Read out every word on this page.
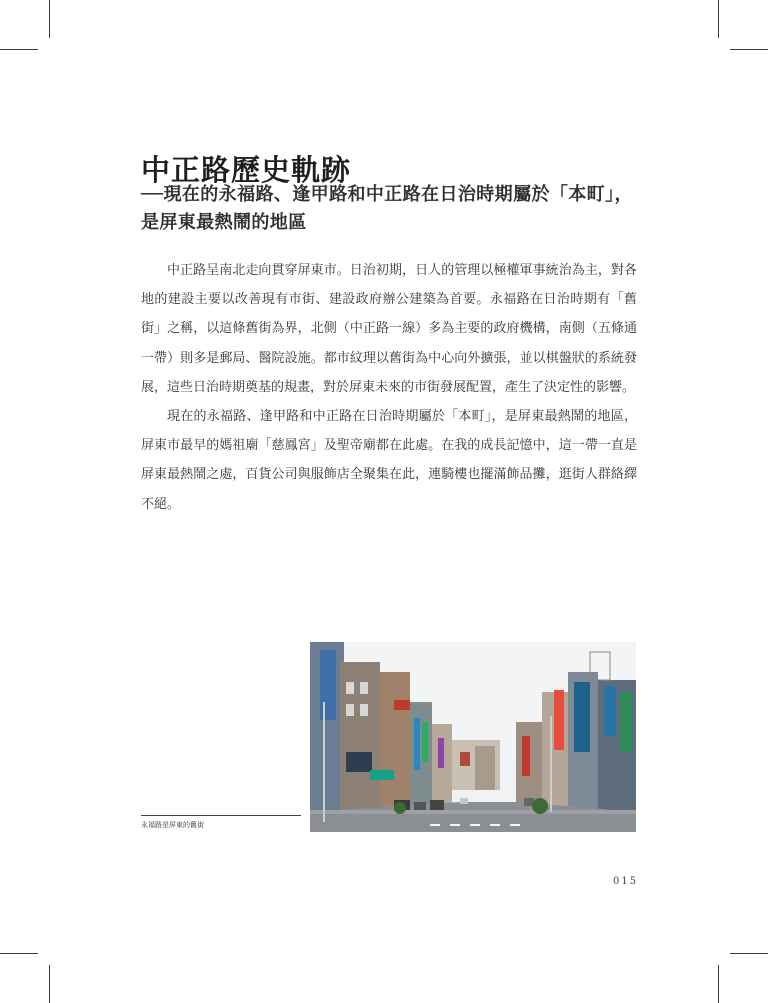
中正路歷史軌跡
──現在的永福路、逢甲路和中正路在日治時期屬於「本町」，
是屏東最熱鬧的地區

中正路呈南北走向貫穿屏東市。日治初期，日人的管理以極權軍事統治為主，對各地的建設主要以改善現有市街、建設政府辦公建築為首要。永福路在日治時期有「舊街」之稱，以這條舊街為界，北側（中正路一線）多為主要的政府機構，南側（五條通一帶）則多是郵局、醫院設施。都市紋理以舊街為中心向外擴張，並以棋盤狀的系統發展，這些日治時期奠基的規畫，對於屏東未來的市街發展配置，產生了決定性的影響。

現在的永福路、逢甲路和中正路在日治時期屬於「本町」，是屏東最熱鬧的地區，屏東市最早的媽祖廟「慈鳳宮」及聖帝廟都在此處。在我的成長記憶中，這一帶一直是屏東最熱鬧之處，百貨公司與服飾店全聚集在此，連騎樓也擺滿飾品攤，逛街人群絡繹不絕。

永福路是屏東的舊街
015
